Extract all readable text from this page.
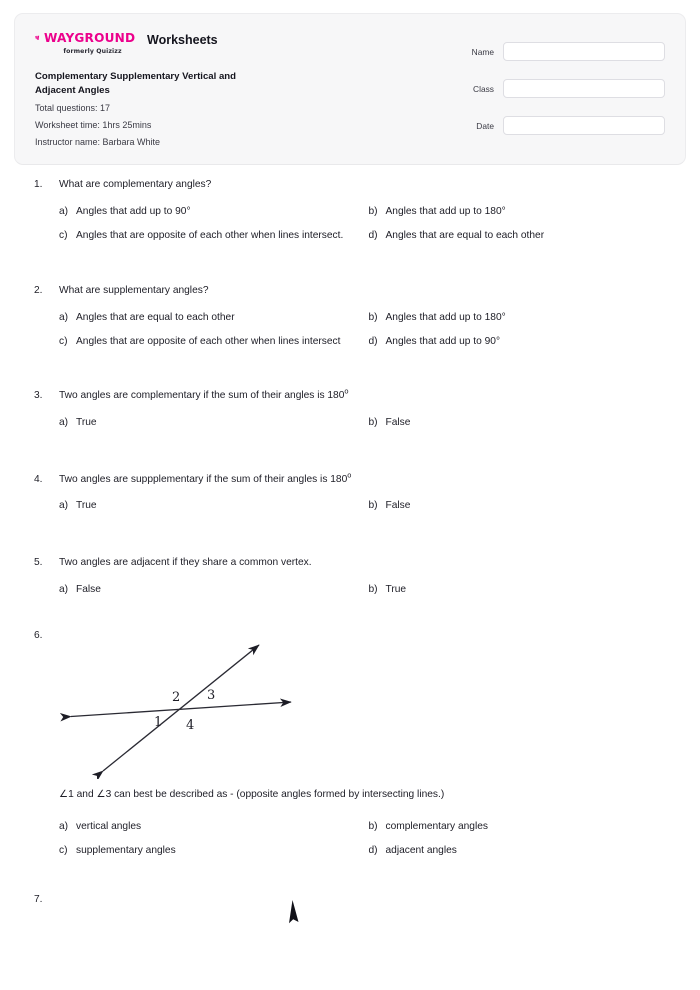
WAYGROUND
formerly Quizizz
Worksheets
Complementary Supplementary Vertical and Adjacent Angles
Total questions: 17
Worksheet time: 1hrs 25mins
Instructor name: Barbara White
Name
Class
Date
1. What are complementary angles?
a) Angles that add up to 90°	b) Angles that add up to 180°
c) Angles that are opposite of each other when lines intersect. d) Angles that are equal to each other
2. What are supplementary angles?
a) Angles that are equal to each other	b) Angles that add up to 180°
c) Angles that are opposite of each other when lines intersect	d) Angles that add up to 90°
3. Two angles are complementary if the sum of their angles is 180$^o$
a) True	b) False
4. Two angles are suppplementary if the sum of their angles is 180$^o$
a) True	b) False
5. Two angles are adjacent if they share a common vertex.
a) False	b) True
6.
2 3
1 4
∠1 and ∠3 can best be described as - (opposite angles formed by intersecting lines.)
a) vertical angles	b) complementary angles
c) supplementary angles	d) adjacent angles
7.
